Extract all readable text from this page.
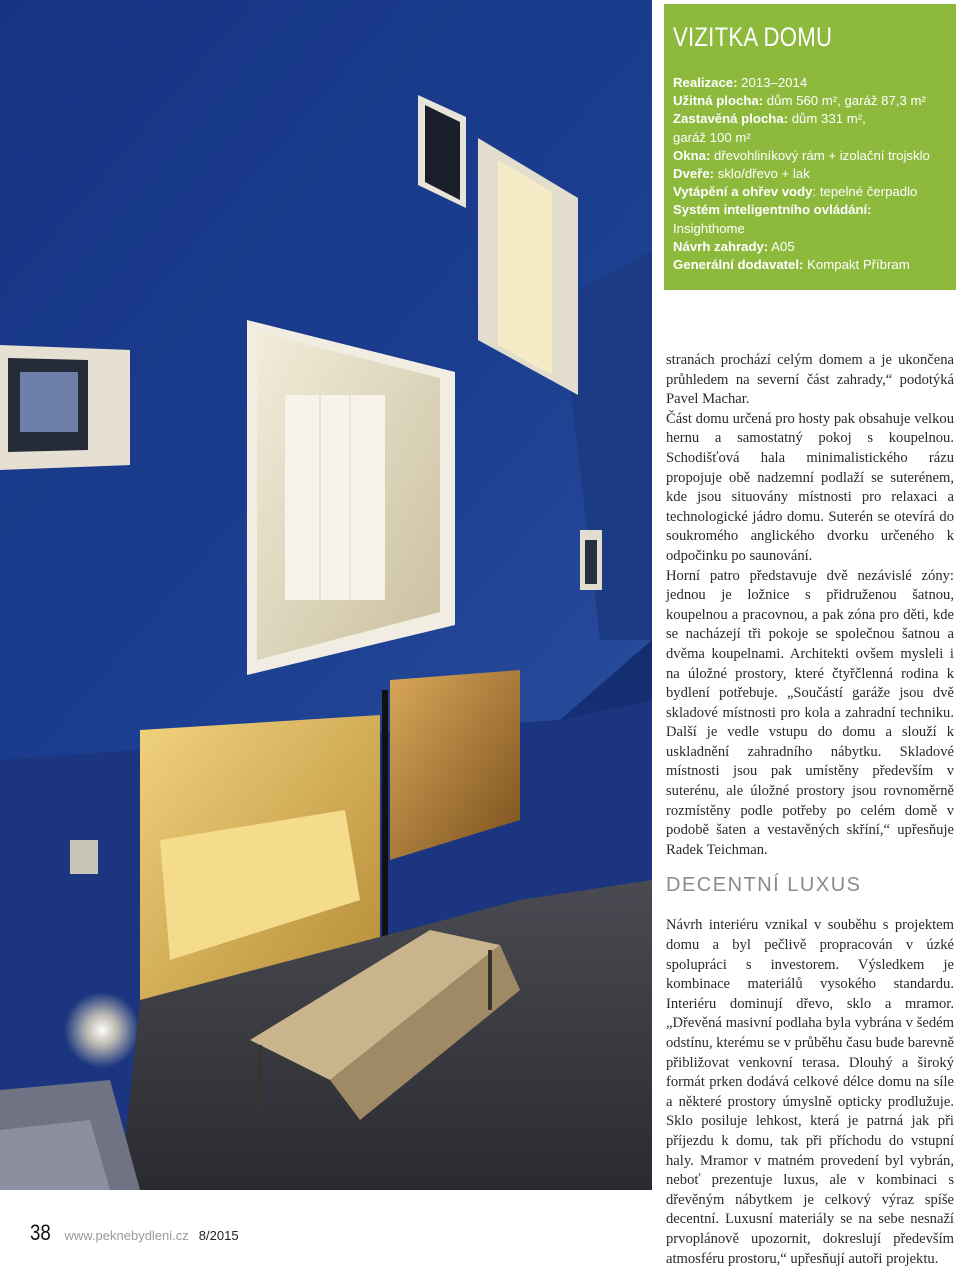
VIZITKA DOMU
Realizace: 2013–2014
Užitná plocha: dům 560 m², garáž 87,3 m²
Zastavěná plocha: dům 331 m²,
garáž 100 m²
Okna: dřevohliníkový rám + izolační trojsklo
Dveře: sklo/dřevo + lak
Vytápění a ohřev vody: tepelné čerpadlo
Systém inteligentního ovládání:
Insighthome
Návrh zahrady: A05
Generální dodavatel: Kompakt Příbram

stranách prochází celým domem a je ukončena průhledem na severní část zahrady,“ podotýká Pavel Machar.

Část domu určená pro hosty pak obsahuje velkou hernu a samostatný pokoj s koupelnou. Schodišťová hala minimalistického rázu propojuje obě nadzemní podlaží se suterénem, kde jsou situovány místnosti pro relaxaci a technologické jádro domu. Suterén se otevírá do soukromého anglického dvorku určeného k odpočinku po saunování.

Horní patro představuje dvě nezávislé zóny: jednou je ložnice s přidruženou šatnou, koupelnou a pracovnou, a pak zóna pro děti, kde se nacházejí tři pokoje se společnou šatnou a dvěma koupelnami. Architekti ovšem mysleli i na úložné prostory, které čtyřčlenná rodina k bydlení potřebuje. „Součástí garáže jsou dvě skladové místnosti pro kola a zahradní techniku. Další je vedle vstupu do domu a slouží k uskladnění zahradního nábytku. Skladové místnosti jsou pak umístěny především v suterénu, ale úložné prostory jsou rovnoměrně rozmístěny podle potřeby po celém domě v podobě šaten a vestavěných skříní,“ upřesňuje Radek Teichman.

DECENTNÍ LUXUS

Návrh interiéru vznikal v souběhu s projektem domu a byl pečlivě propracován v úzké spolupráci s investorem. Výsledkem je kombinace materiálů vysokého standardu. Interiéru dominují dřevo, sklo a mramor. „Dřevěná masivní podlaha byla vybrána v šedém odstínu, kterému se v průběhu času bude barevně přibližovat venkovní terasa. Dlouhý a široký formát prken dodává celkové délce domu na síle a některé prostory úmyslně opticky prodlužuje. Sklo posiluje lehkost, která je patrná jak při příjezdu k domu, tak při příchodu do vstupní haly. Mramor v matném provedení byl vybrán, neboť prezentuje luxus, ale v kombinaci s dřevěným nábytkem je celkový výraz spíše decentní. Luxusní materiály se na sebe nesnaží prvoplánově upozornit, dokreslují především atmosféru prostoru,“ upřesňují autoři projektu.

38 www.peknebydleni.cz 8/2015
